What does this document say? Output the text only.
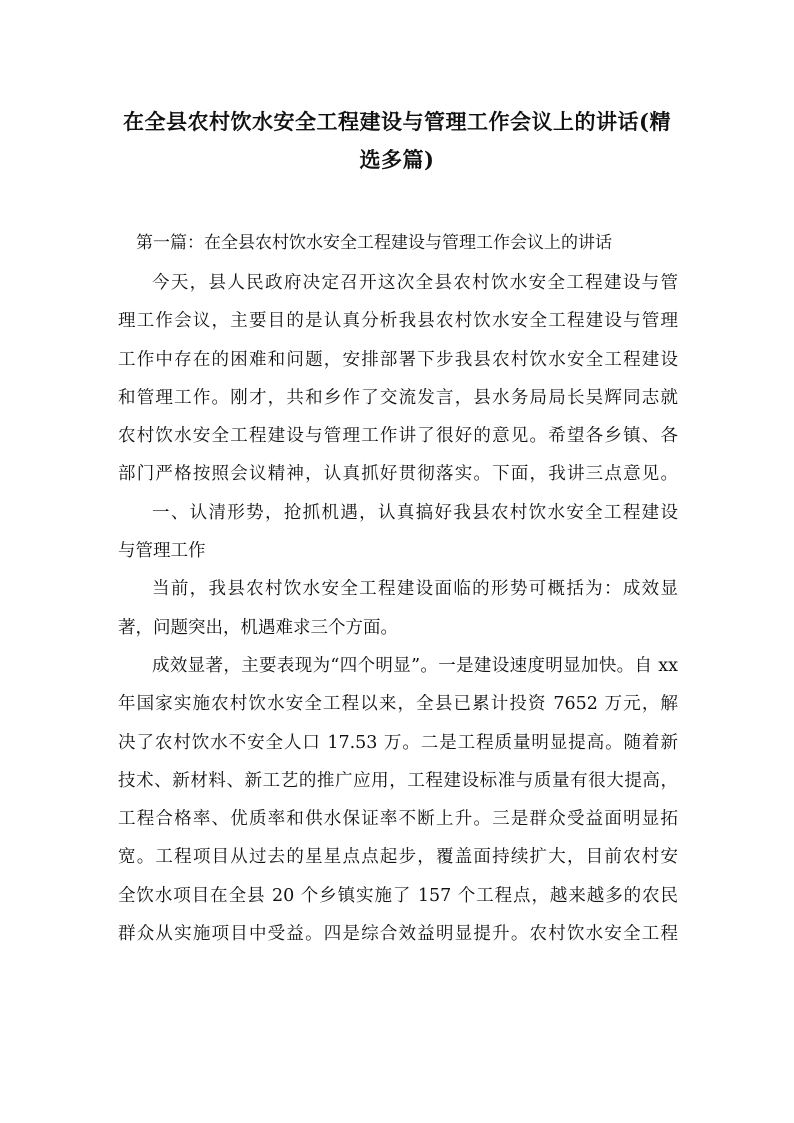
在全县农村饮水安全工程建设与管理工作会议上的讲话(精
选多篇)
第一篇：在全县农村饮水安全工程建设与管理工作会议上的讲话
今天，县人民政府决定召开这次全县农村饮水安全工程建设与管
理工作会议，主要目的是认真分析我县农村饮水安全工程建设与管理
工作中存在的困难和问题，安排部署下步我县农村饮水安全工程建设
和管理工作。刚才，共和乡作了交流发言，县水务局局长吴辉同志就
农村饮水安全工程建设与管理工作讲了很好的意见。希望各乡镇、各
部门严格按照会议精神，认真抓好贯彻落实。下面，我讲三点意见。
一、认清形势，抢抓机遇，认真搞好我县农村饮水安全工程建设
与管理工作
当前，我县农村饮水安全工程建设面临的形势可概括为：成效显
著，问题突出，机遇难求三个方面。
成效显著，主要表现为“四个明显”。一是建设速度明显加快。自 xx
年国家实施农村饮水安全工程以来，全县已累计投资 7652 万元，解
决了农村饮水不安全人口 17.53 万。二是工程质量明显提高。随着新
技术、新材料、新工艺的推广应用，工程建设标准与质量有很大提高，
工程合格率、优质率和供水保证率不断上升。三是群众受益面明显拓
宽。工程项目从过去的星星点点起步，覆盖面持续扩大，目前农村安
全饮水项目在全县 20 个乡镇实施了 157 个工程点，越来越多的农民
群众从实施项目中受益。四是综合效益明显提升。农村饮水安全工程
